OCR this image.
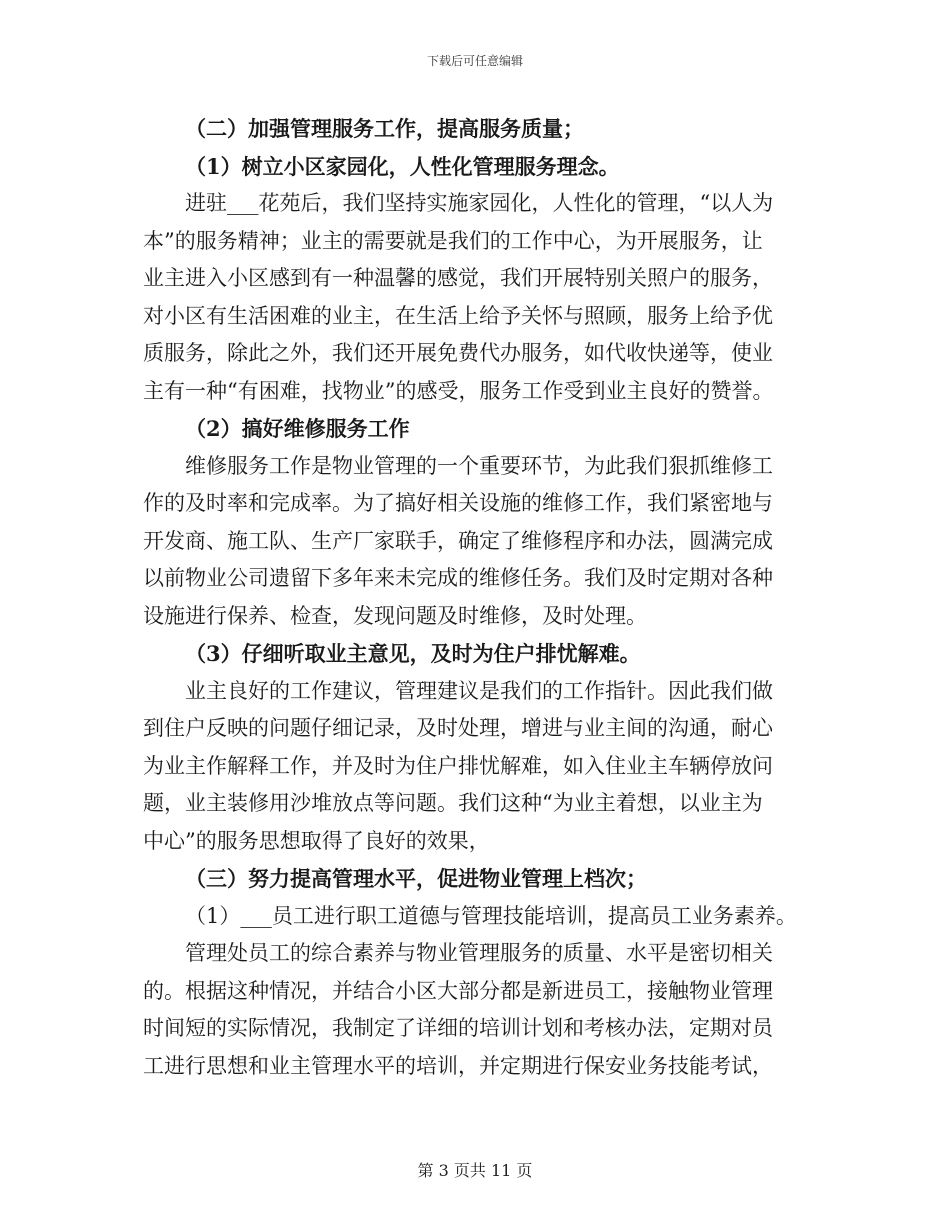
下载后可任意编辑
（二）加强管理服务工作，提高服务质量；
（1）树立小区家园化，人性化管理服务理念。
进驻___花苑后，我们坚持实施家园化，人性化的管理，“以人为
本”的服务精神；业主的需要就是我们的工作中心，为开展服务，让
业主进入小区感到有一种温馨的感觉，我们开展特别关照户的服务，
对小区有生活困难的业主，在生活上给予关怀与照顾，服务上给予优
质服务，除此之外，我们还开展免费代办服务，如代收快递等，使业
主有一种“有困难，找物业”的感受，服务工作受到业主良好的赞誉。
（2）搞好维修服务工作
维修服务工作是物业管理的一个重要环节，为此我们狠抓维修工
作的及时率和完成率。为了搞好相关设施的维修工作，我们紧密地与
开发商、施工队、生产厂家联手，确定了维修程序和办法，圆满完成
以前物业公司遗留下多年来未完成的维修任务。我们及时定期对各种
设施进行保养、检查，发现问题及时维修，及时处理。
（3）仔细听取业主意见，及时为住户排忧解难。
业主良好的工作建议，管理建议是我们的工作指针。因此我们做
到住户反映的问题仔细记录，及时处理，增进与业主间的沟通，耐心
为业主作解释工作，并及时为住户排忧解难，如入住业主车辆停放问
题，业主装修用沙堆放点等问题。我们这种“为业主着想，以业主为
中心”的服务思想取得了良好的效果，
（三）努力提高管理水平，促进物业管理上档次；
（1）___员工进行职工道德与管理技能培训，提高员工业务素养。
管理处员工的综合素养与物业管理服务的质量、水平是密切相关
的。根据这种情况，并结合小区大部分都是新进员工，接触物业管理
时间短的实际情况，我制定了详细的培训计划和考核办法，定期对员
工进行思想和业主管理水平的培训，并定期进行保安业务技能考试，
第 3 页共 11 页
